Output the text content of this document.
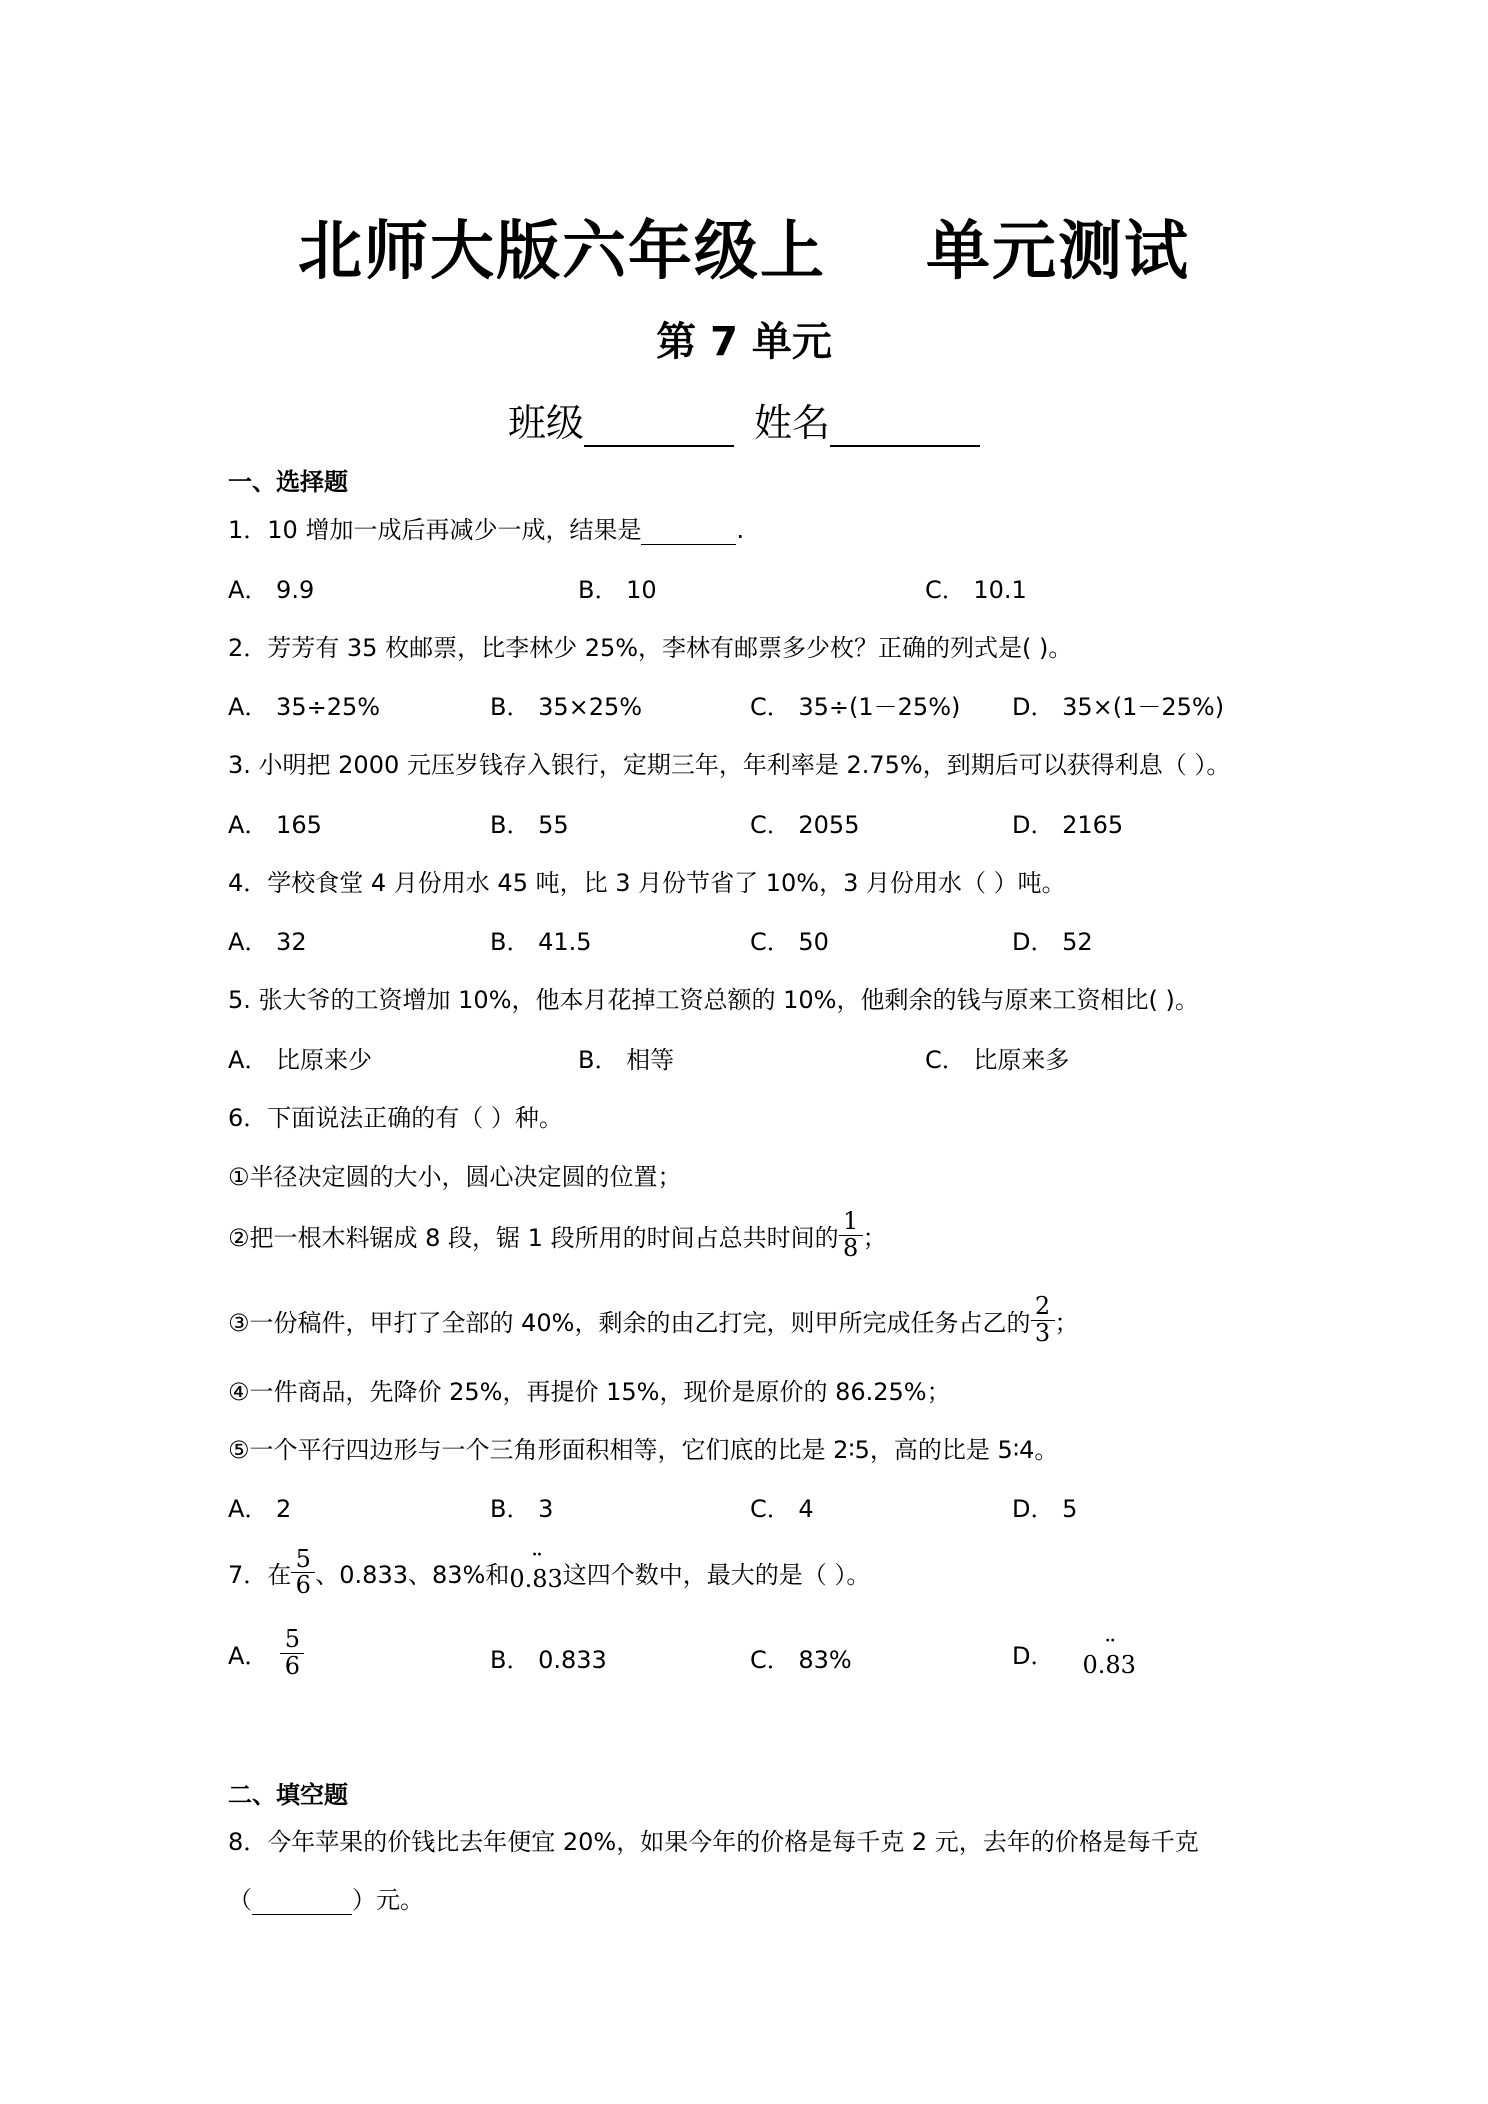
北师大版六年级上 单元测试
第 7 单元
班级	姓名
一、选择题
1．10 增加一成后再减少一成，结果是	.
A． 9.9	B． 10	C． 10.1
2．芳芳有 35 枚邮票，比李林少 25%，李林有邮票多少枚？正确的列式是( )。
A． 35÷25%	B． 35×25%	C． 35÷(1－25%) D． 35×(1－25%)
3. 小明把 2000 元压岁钱存入银行，定期三年，年利率是 2.75%，到期后可以获得利息（ ）。
A． 165	B． 55	C． 2055	D． 2165
4．学校食堂 4 月份用水 45 吨，比 3 月份节省了 10%，3 月份用水（ ）吨。
A． 32	B． 41.5	C． 50	D． 52
5. 张大爷的工资增加 10%，他本月花掉工资总额的 10%，他剩余的钱与原来工资相比( )。
A． 比原来少	B． 相等	C． 比原来多
6．下面说法正确的有（ ）种。
①半径决定圆的大小，圆心决定圆的位置；
②把一根木料锯成 8 段，锯 1 段所用的时间占总共时间的 $\frac{1}{8}$ ；
③一份稿件，甲打了全部的 40%，剩余的由乙打完，则甲所完成任务占乙的 $\frac{2}{3}$ ；
④一件商品，先降价 25%，再提价 15%，现价是原价的 86.25%；
⑤一个平行四边形与一个三角形面积相等，它们底的比是 2∶5，高的比是 5∶4。
A． 2	B． 3	C． 4	D． 5
7．在 $\frac{5}{6}$ 、0.833、83%和
··
0.83 这四个数中，最大的是（ ）。
A． $\frac{5}{6}$	B． 0.833	C． 83%	D．	··
0.83
二、填空题
8．今年苹果的价钱比去年便宜 20%，如果今年的价格是每千克 2 元，去年的价格是每千克
（	）元。
